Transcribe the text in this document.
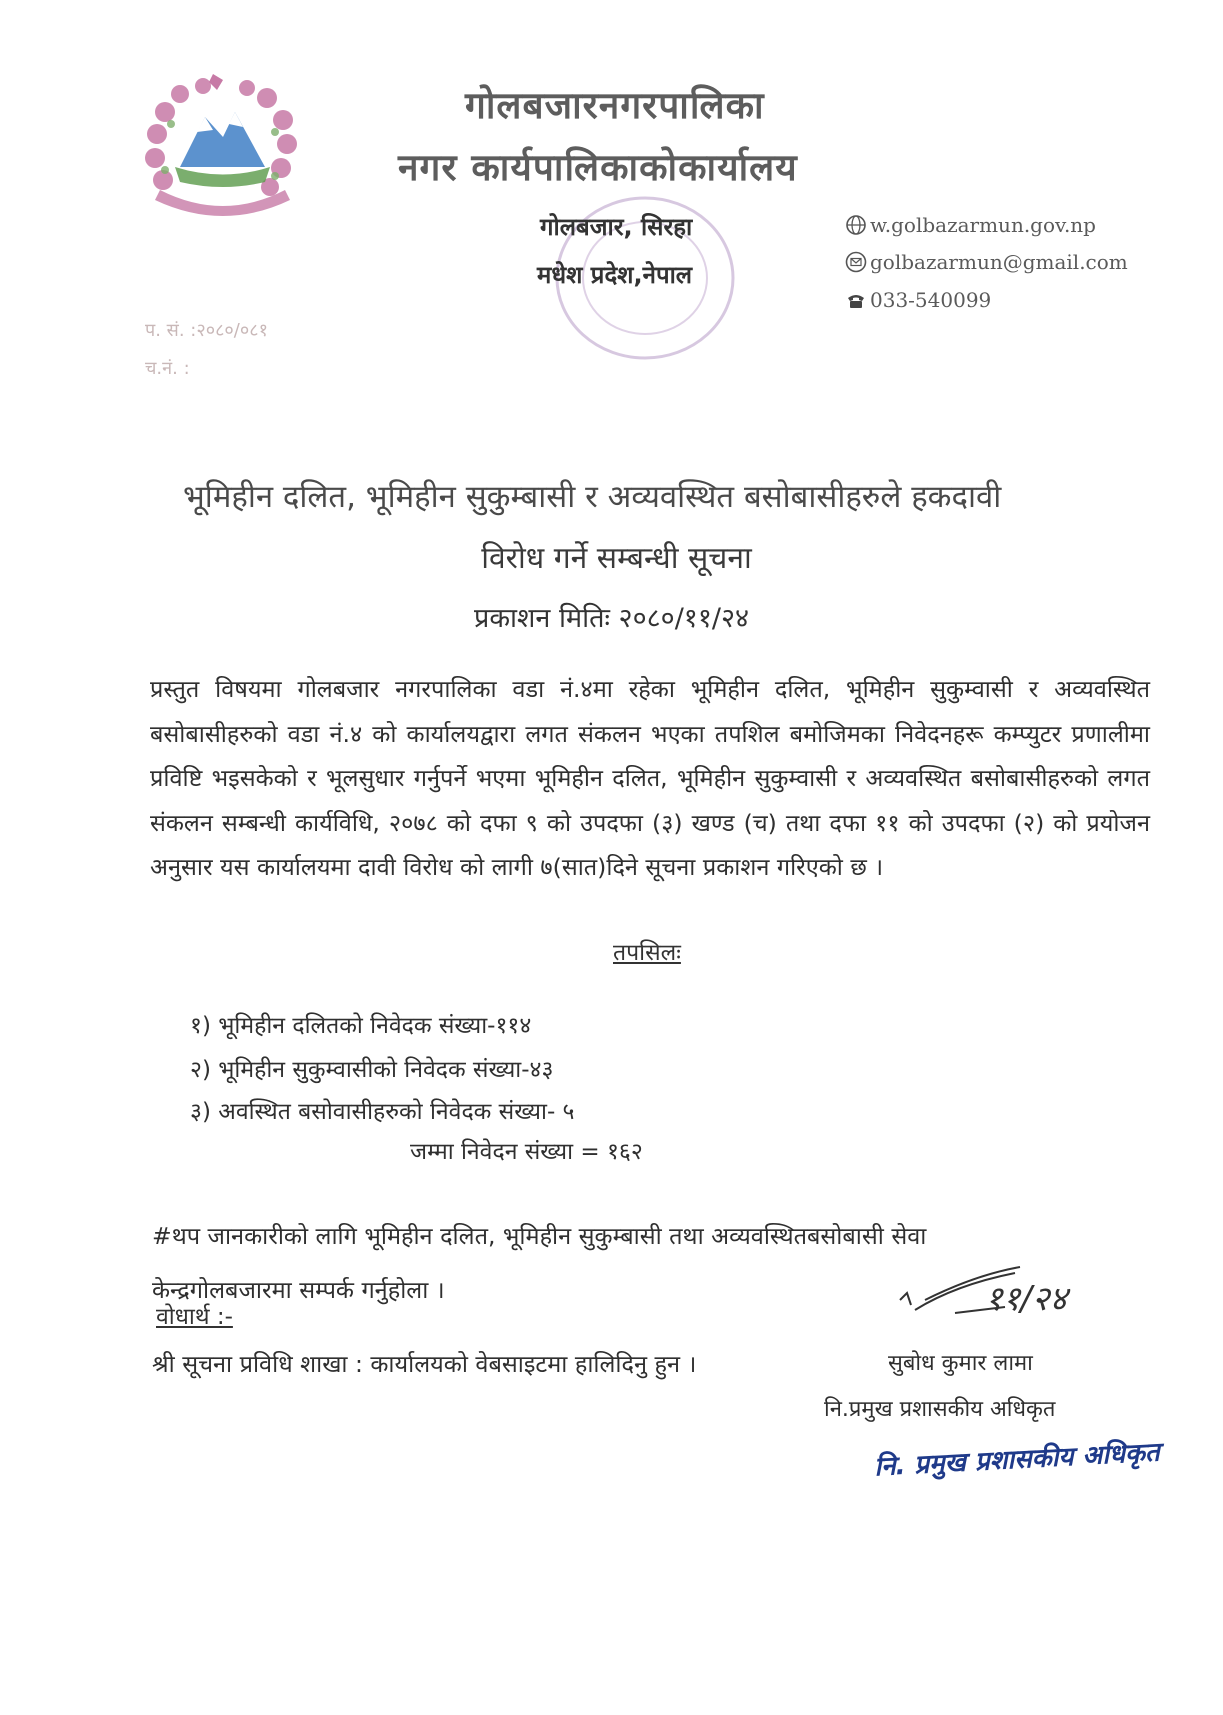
गोलबजारनगरपालिका
नगर कार्यपालिकाकोकार्यालय
गोलबजार, सिरहा
मधेश प्रदेश,नेपाल
w.golbazarmun.gov.np
golbazarmun@gmail.com
033-540099
प. सं. :२०८०/०८१
च.नं. :
भूमिहीन दलित, भूमिहीन सुकुम्बासी र अव्यवस्थित बसोबासीहरुले हकदावी
विरोध गर्ने सम्बन्धी सूचना
प्रकाशन मितिः २०८०/११/२४
प्रस्तुत विषयमा गोलबजार नगरपालिका वडा नं.४मा रहेका भूमिहीन दलित, भूमिहीन सुकुम्वासी र अव्यवस्थित बसोबासीहरुको वडा नं.४ को कार्यालयद्वारा लगत संकलन भएका तपशिल बमोजिमका निवेदनहरू कम्प्युटर प्रणालीमा प्रविष्टि भइसकेको र भूलसुधार गर्नुपर्ने भएमा भूमिहीन दलित, भूमिहीन सुकुम्वासी र अव्यवस्थित बसोबासीहरुको लगत संकलन सम्बन्धी कार्यविधि, २०७८ को दफा ९ को उपदफा (३) खण्ड (च) तथा दफा ११ को उपदफा (२) को प्रयोजन अनुसार यस कार्यालयमा दावी विरोध को लागी ७(सात)दिने सूचना प्रकाशन गरिएको छ ।
तपसिलः
१) भूमिहीन दलितको निवेदक संख्या-११४
२) भूमिहीन सुकुम्वासीको निवेदक संख्या-४३
३) अवस्थित बसोवासीहरुको निवेदक संख्या- ५
जम्मा निवेदन संख्या = १६२
#थप जानकारीको लागि भूमिहीन दलित, भूमिहीन सुकुम्बासी तथा अव्यवस्थितबसोबासी सेवा केन्द्रगोलबजारमा सम्पर्क गर्नुहोला ।
वोधार्थ :-
श्री सूचना प्रविधि शाखा : कार्यालयको वेबसाइटमा हालिदिनु हुन ।
११/२४
सुबोध कुमार लामा
नि.प्रमुख प्रशासकीय अधिकृत
नि. प्रमुख प्रशासकीय अधिकृत
